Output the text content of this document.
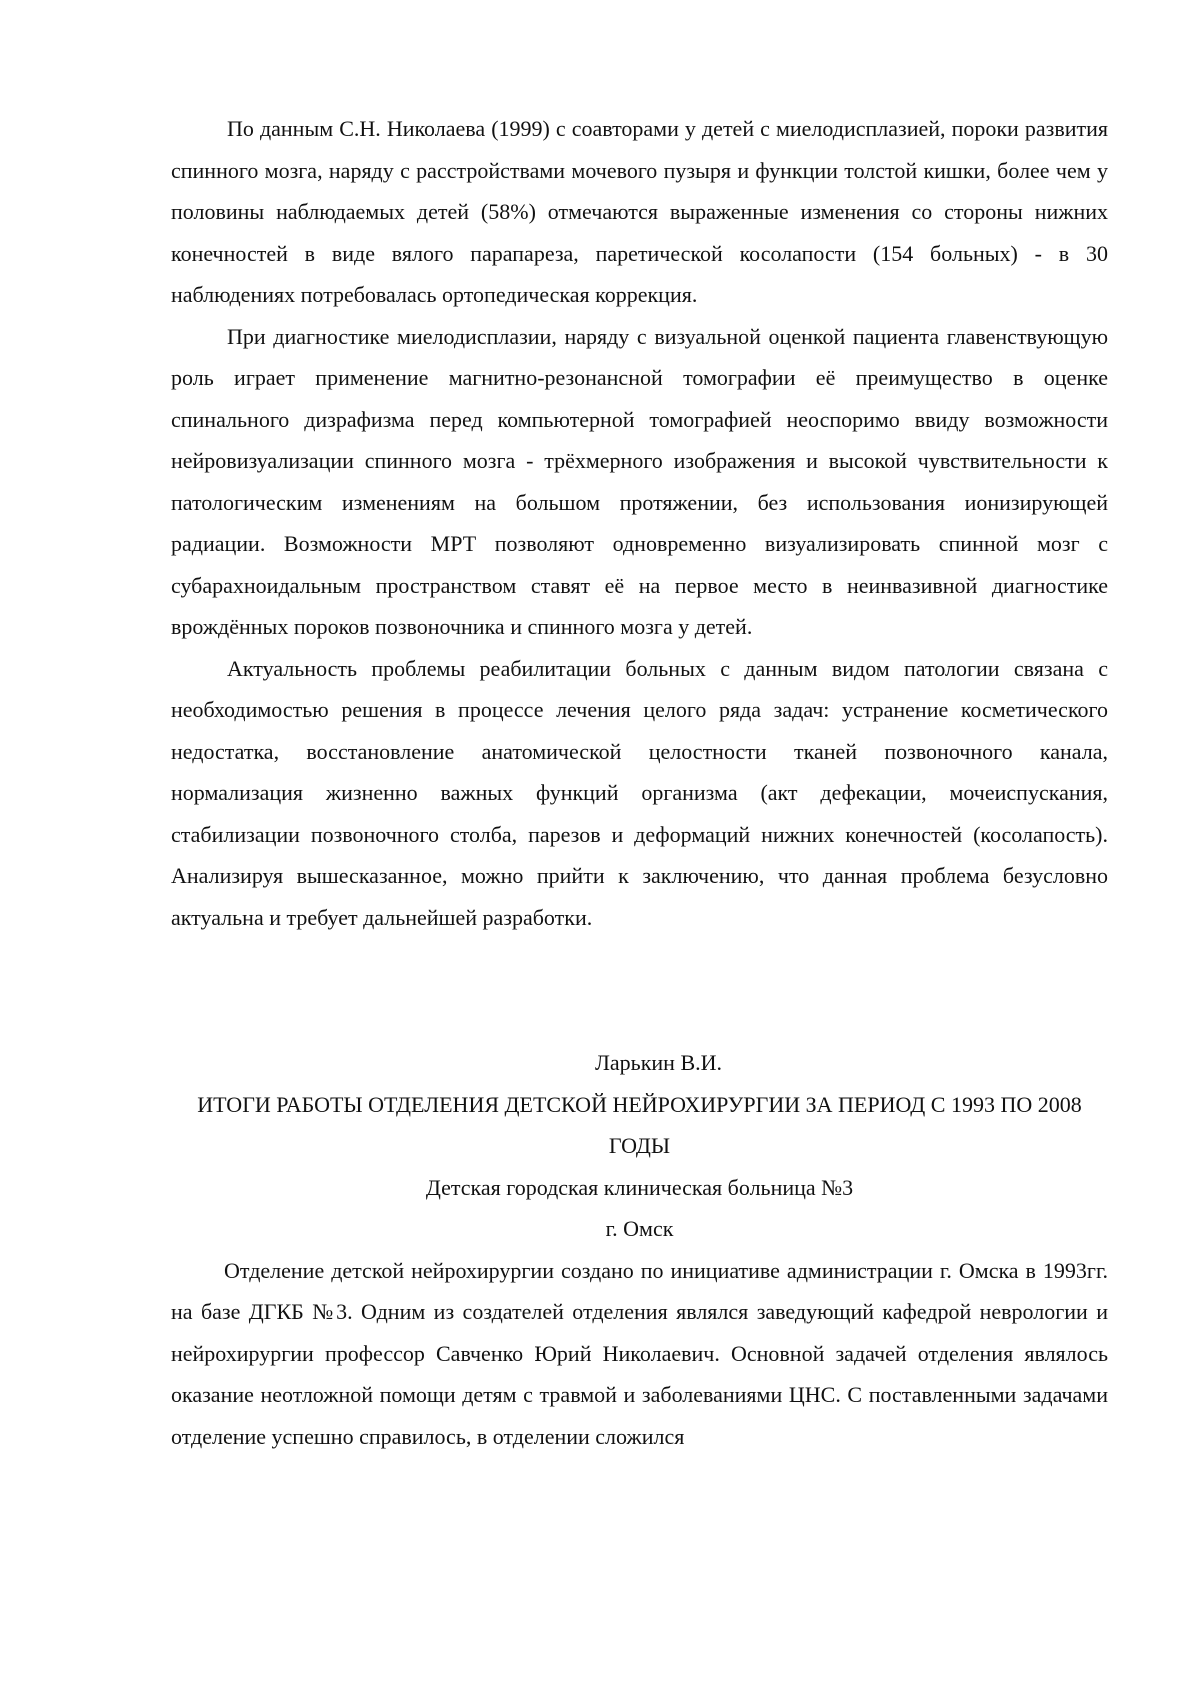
По данным С.Н. Николаева (1999) с соавторами у детей с миелодисплазией, пороки развития спинного мозга, наряду с расстройствами мочевого пузыря и функции толстой кишки, более чем у половины наблюдаемых детей (58%) отмечаются выраженные изменения со стороны нижних конечностей в виде вялого парапареза, паретической косолапости (154 больных) - в 30 наблюдениях потребовалась ортопедическая коррекция.

При диагностике миелодисплазии, наряду с визуальной оценкой пациента главенствующую роль играет применение магнитно-резонансной томографии её преимущество в оценке спинального дизрафизма перед компьютерной томографией неоспоримо ввиду возможности нейровизуализации спинного мозга - трёхмерного изображения и высокой чувствительности к патологическим изменениям на большом протяжении, без использования ионизирующей радиации. Возможности МРТ позволяют одновременно визуализировать спинной мозг с субарахноидальным пространством ставят её на первое место в неинвазивной диагностике врождённых пороков позвоночника и спинного мозга у детей.

Актуальность проблемы реабилитации больных с данным видом патологии связана с необходимостью решения в процессе лечения целого ряда задач: устранение косметического недостатка, восстановление анатомической целостности тканей позвоночного канала, нормализация жизненно важных функций организма (акт дефекации, мочеиспускания, стабилизации позвоночного столба, парезов и деформаций нижних конечностей (косолапость). Анализируя вышесказанное, можно прийти к заключению, что данная проблема безусловно актуальна и требует дальнейшей разработки.

Ларькин В.И.

ИТОГИ РАБОТЫ ОТДЕЛЕНИЯ ДЕТСКОЙ НЕЙРОХИРУРГИИ ЗА ПЕРИОД С 1993 ПО 2008 ГОДЫ

Детская городская клиническая больница №3

г. Омск

Отделение детской нейрохирургии создано по инициативе администрации г. Омска в 1993гг. на базе ДГКБ №3. Одним из создателей отделения являлся заведующий кафедрой неврологии и нейрохирургии профессор Савченко Юрий Николаевич. Основной задачей отделения являлось оказание неотложной помощи детям с травмой и заболеваниями ЦНС. С поставленными задачами отделение успешно справилось, в отделении сложился
